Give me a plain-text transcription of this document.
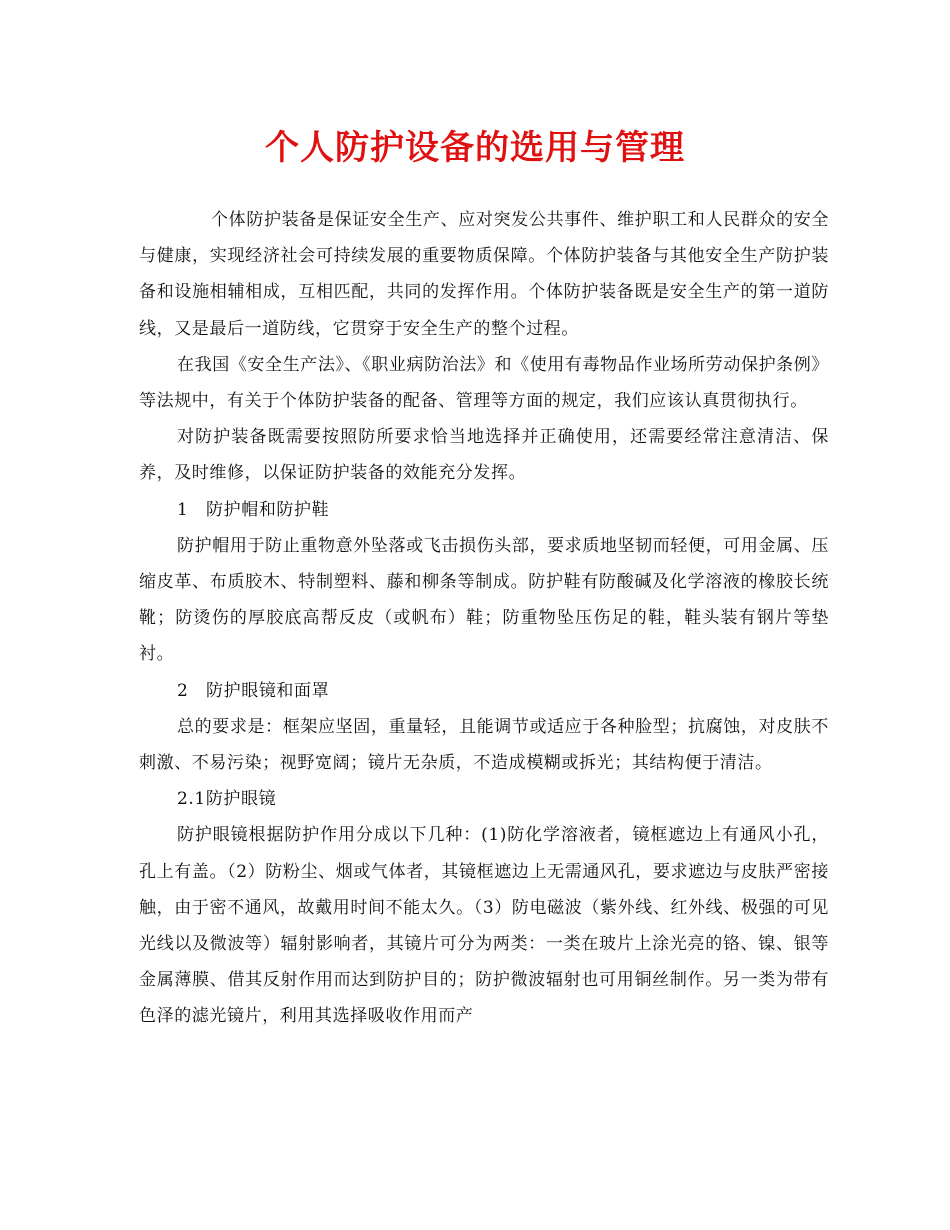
个人防护设备的选用与管理

个体防护装备是保证安全生产、应对突发公共事件、维护职工和人民群众的安全与健康，实现经济社会可持续发展的重要物质保障。个体防护装备与其他安全生产防护装备和设施相辅相成，互相匹配，共同的发挥作用。个体防护装备既是安全生产的第一道防线，又是最后一道防线，它贯穿于安全生产的整个过程。

在我国《安全生产法》、《职业病防治法》和《使用有毒物品作业场所劳动保护条例》等法规中，有关于个体防护装备的配备、管理等方面的规定，我们应该认真贯彻执行。

对防护装备既需要按照防所要求恰当地选择并正确使用，还需要经常注意清洁、保养，及时维修，以保证防护装备的效能充分发挥。

1　防护帽和防护鞋

防护帽用于防止重物意外坠落或飞击损伤头部，要求质地坚韧而轻便，可用金属、压缩皮革、布质胶木、特制塑料、藤和柳条等制成。防护鞋有防酸碱及化学溶液的橡胶长统靴；防烫伤的厚胶底高帮反皮（或帆布）鞋；防重物坠压伤足的鞋，鞋头装有钢片等垫衬。

2　防护眼镜和面罩

总的要求是：框架应坚固，重量轻，且能调节或适应于各种脸型；抗腐蚀，对皮肤不刺激、不易污染；视野宽阔；镜片无杂质，不造成模糊或拆光；其结构便于清洁。

2.1防护眼镜

防护眼镜根据防护作用分成以下几种：(1)防化学溶液者，镜框遮边上有通风小孔，孔上有盖。（2）防粉尘、烟或气体者，其镜框遮边上无需通风孔，要求遮边与皮肤严密接触，由于密不通风，故戴用时间不能太久。（3）防电磁波（紫外线、红外线、极强的可见光线以及微波等）辐射影响者，其镜片可分为两类：一类在玻片上涂光亮的铬、镍、银等金属薄膜、借其反射作用而达到防护目的；防护微波辐射也可用铜丝制作。另一类为带有色泽的滤光镜片，利用其选择吸收作用而产
